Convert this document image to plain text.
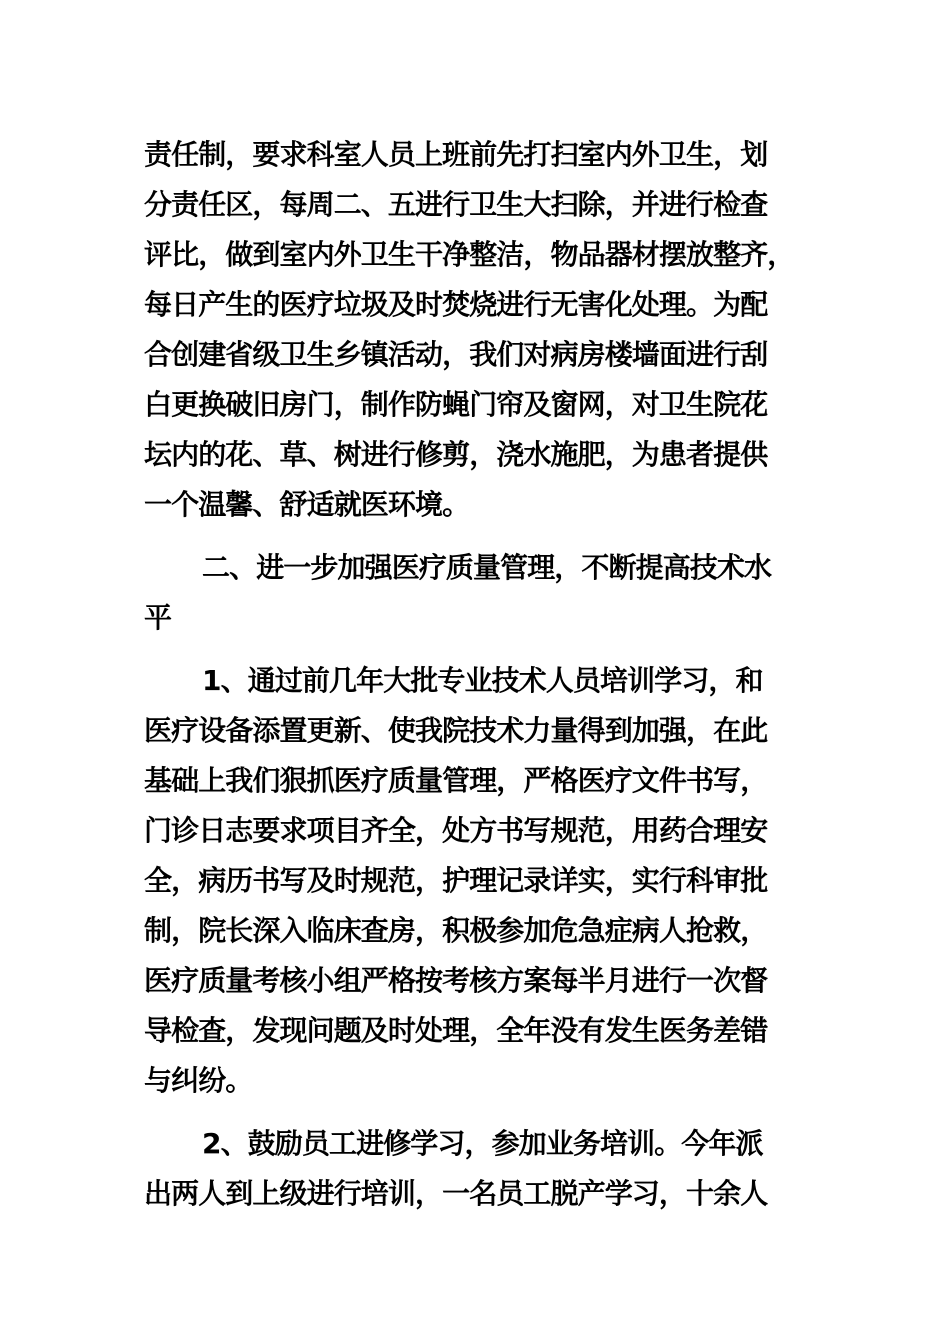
责任制，要求科室人员上班前先打扫室内外卫生，划
分责任区，每周二、五进行卫生大扫除，并进行检查
评比，做到室内外卫生干净整洁，物品器材摆放整齐，
每日产生的医疗垃圾及时焚烧进行无害化处理。为配
合创建省级卫生乡镇活动，我们对病房楼墙面进行刮
白更换破旧房门，制作防蝇门帘及窗网，对卫生院花
坛内的花、草、树进行修剪，浇水施肥，为患者提供
一个温馨、舒适就医环境。
二、进一步加强医疗质量管理，不断提高技术水
平
1、通过前几年大批专业技术人员培训学习，和
医疗设备添置更新、使我院技术力量得到加强，在此
基础上我们狠抓医疗质量管理，严格医疗文件书写，
门诊日志要求项目齐全，处方书写规范，用药合理安
全，病历书写及时规范，护理记录详实，实行科审批
制，院长深入临床查房，积极参加危急症病人抢救，
医疗质量考核小组严格按考核方案每半月进行一次督
导检查，发现问题及时处理，全年没有发生医务差错
与纠纷。
2、鼓励员工进修学习，参加业务培训。今年派
出两人到上级进行培训，一名员工脱产学习，十余人
